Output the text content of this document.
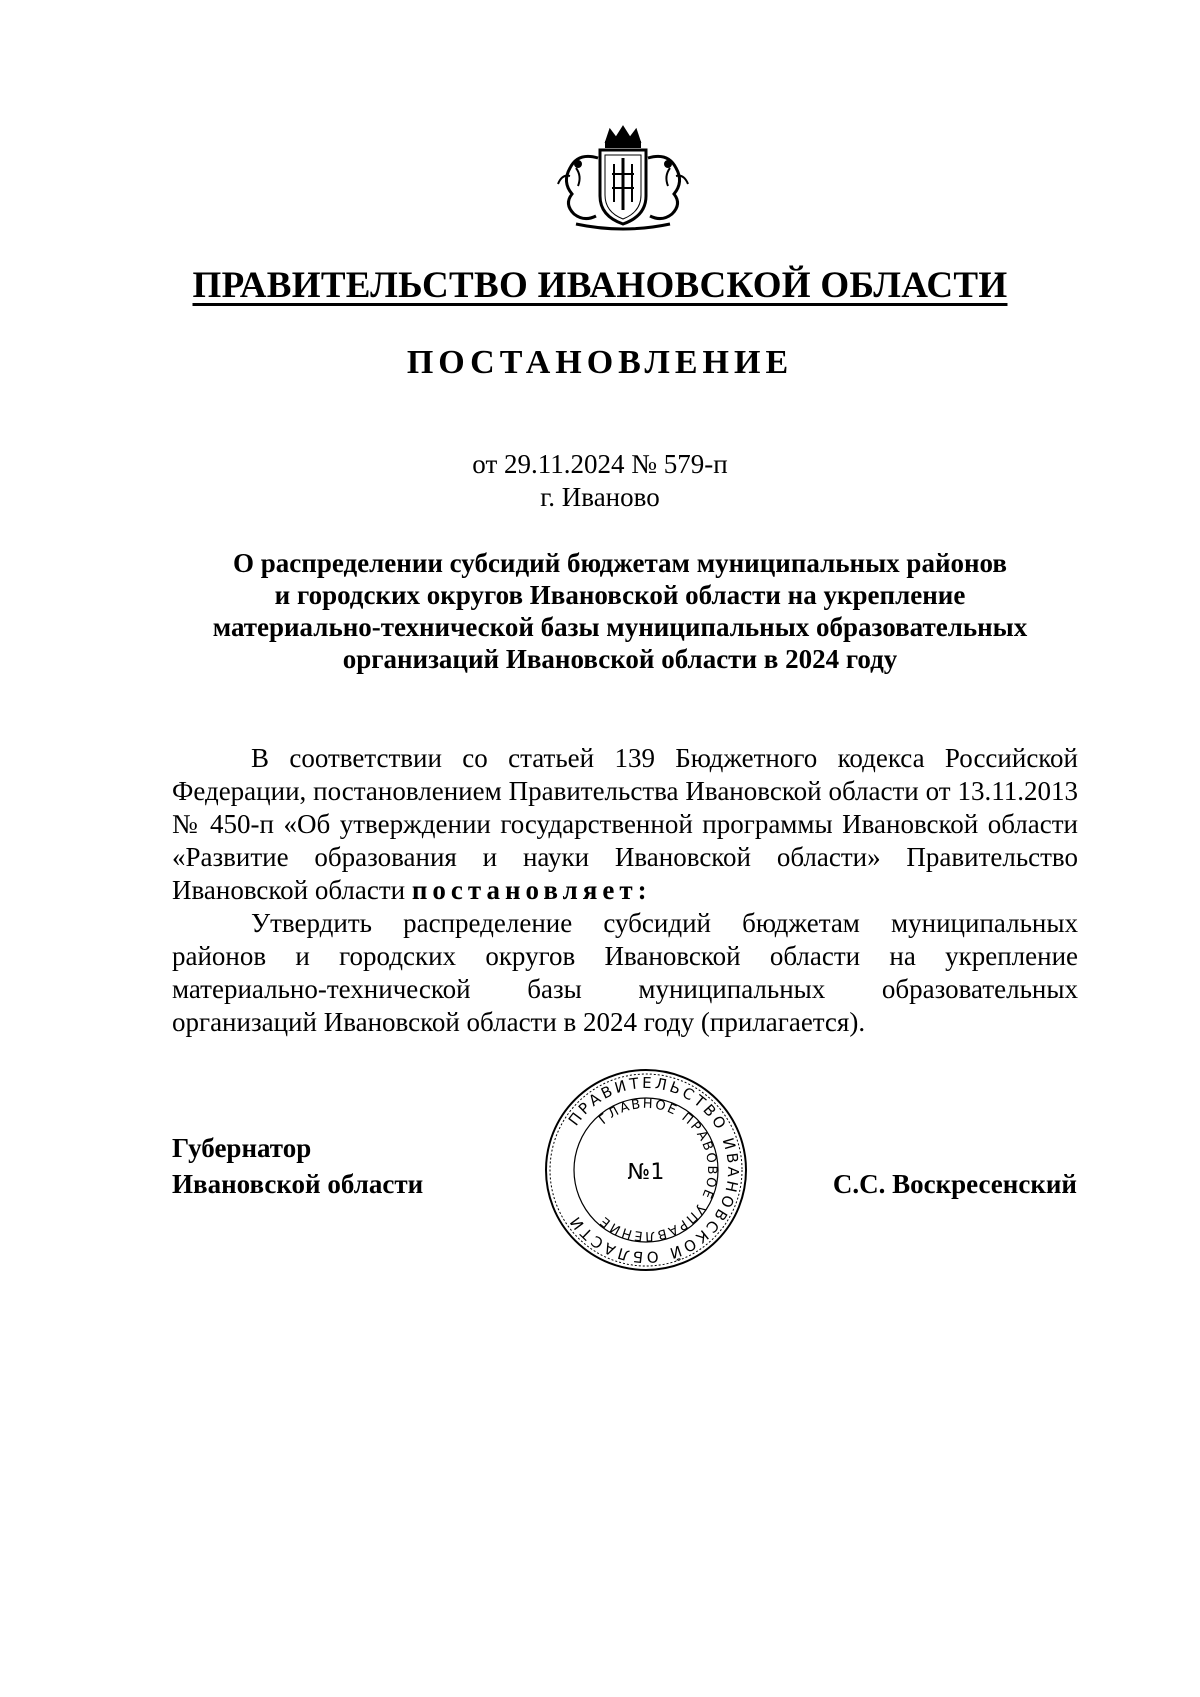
ПРАВИТЕЛЬСТВО ИВАНОВСКОЙ ОБЛАСТИ
ПОСТАНОВЛЕНИЕ
от 29.11.2024 № 579-п
г. Иваново
О распределении субсидий бюджетам муниципальных районов
и городских округов Ивановской области на укрепление
материально-технической базы муниципальных образовательных
организаций Ивановской области в 2024 году

В соответствии со статьей 139 Бюджетного кодекса Российской Федерации, постановлением Правительства Ивановской области от 13.11.2013 № 450-п «Об утверждении государственной программы Ивановской области «Развитие образования и науки Ивановской области» Правительство Ивановской области постановляет:

Утвердить распределение субсидий бюджетам муниципальных районов и городских округов Ивановской области на укрепление материально-технической базы муниципальных образовательных организаций Ивановской области в 2024 году (прилагается).

Губернатор
Ивановской области
ПРАВИТЕЛЬСТВО ИВАНОВСКОЙ ОБЛАСТИ
ГЛАВНОЕ ПРАВОВОЕ УПРАВЛЕНИЕ
№1	С.С. Воскресенский
